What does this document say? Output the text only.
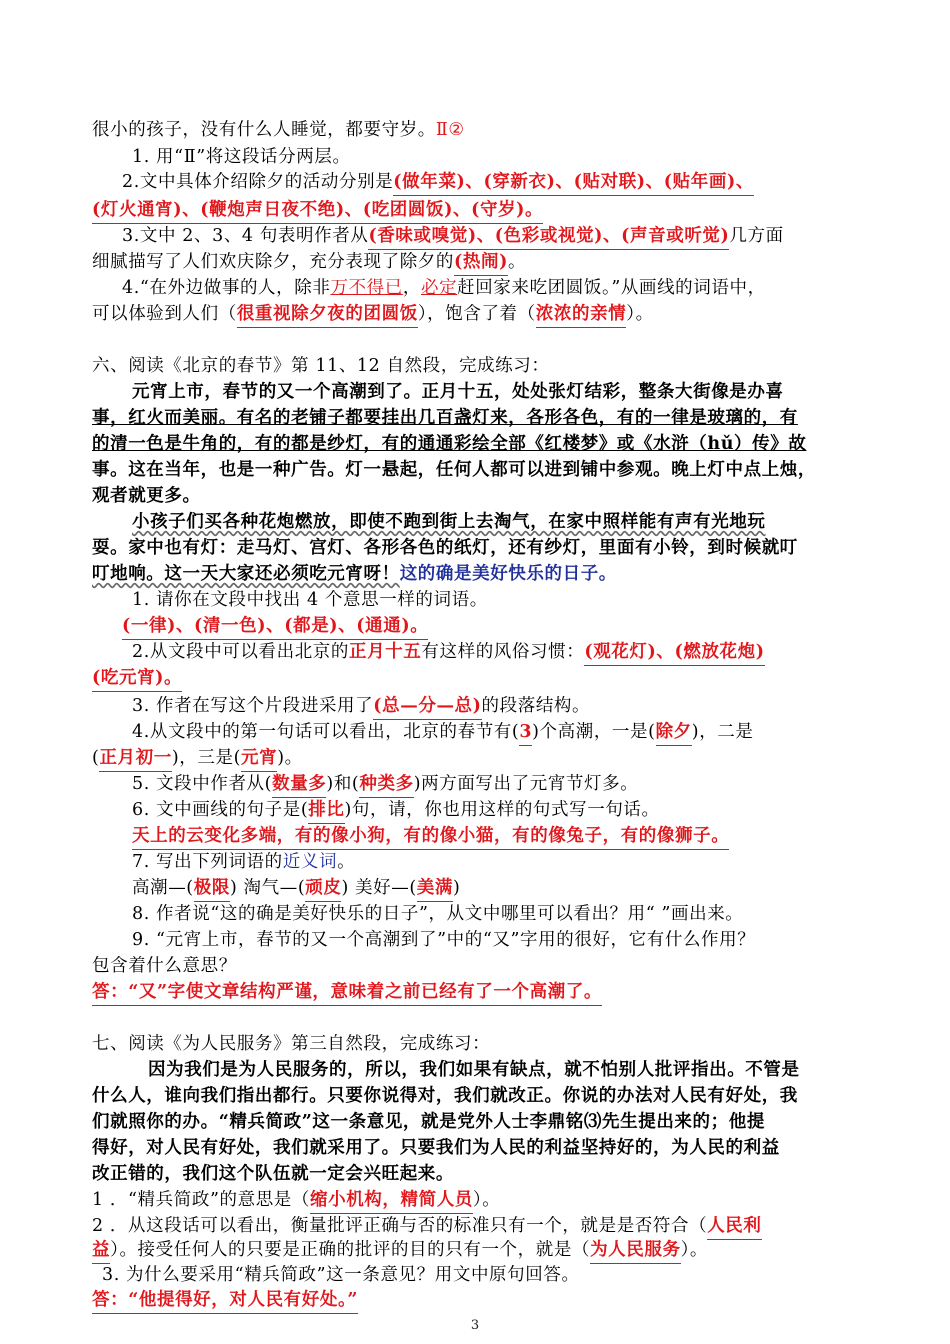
很小的孩子，没有什么人睡觉，都要守岁。Ⅱ②
1. 用“Ⅱ”将这段话分两层。
2.文中具体介绍除夕的活动分别是(做年菜)、(穿新衣)、(贴对联)、(贴年画)、
(灯火通宵)、(鞭炮声日夜不绝)、(吃团圆饭)、(守岁)。
3.文中 2、3、4 句表明作者从(香味或嗅觉)、(色彩或视觉)、(声音或听觉)几方面
细腻描写了人们欢庆除夕，充分表现了除夕的(热闹)。
4.“在外边做事的人，除非万不得已，必定赶回家来吃团圆饭。”从画线的词语中，
可以体验到人们（很重视除夕夜的团圆饭），饱含了着（浓浓的亲情）。
六、阅读《北京的春节》第 11、12 自然段，完成练习：
元宵上市，春节的又一个高潮到了。正月十五，处处张灯结彩，整条大街像是办喜
事，红火而美丽。有名的老铺子都要挂出几百盏灯来，各形各色，有的一律是玻璃的，有
的清一色是牛角的，有的都是纱灯，有的通通彩绘全部《红楼梦》或《水浒（hǔ）传》故
事。这在当年，也是一种广告。灯一悬起，任何人都可以进到铺中参观。晚上灯中点上烛，
观者就更多。
小孩子们买各种花炮燃放，即使不跑到街上去淘气，在家中照样能有声有光地玩
耍。家中也有灯：走马灯、宫灯、各形各色的纸灯，还有纱灯，里面有小铃，到时候就叮
叮地响。这一天大家还必须吃元宵呀！这的确是美好快乐的日子。
1. 请你在文段中找出 4 个意思一样的词语。
(一律)、(清一色)、(都是)、(通通)。
2.从文段中可以看出北京的正月十五有这样的风俗习惯：(观花灯)、(燃放花炮)
(吃元宵)。
3. 作者在写这个片段进采用了(总—分—总)的段落结构。
4.从文段中的第一句话可以看出，北京的春节有(3)个高潮，一是(除夕)，二是
(正月初一)，三是(元宵)。
5. 文段中作者从(数量多)和(种类多)两方面写出了元宵节灯多。
6. 文中画线的句子是(排比)句，请，你也用这样的句式写一句话。
天上的云变化多端，有的像小狗，有的像小猫，有的像兔子，有的像狮子。
7. 写出下列词语的近义词。
高潮—(极限) 淘气—(顽皮) 美好—(美满)
8. 作者说“这的确是美好快乐的日子”，从文中哪里可以看出？用“ ”画出来。
9. “元宵上市，春节的又一个高潮到了”中的“又”字用的很好，它有什么作用？
包含着什么意思？
答：“又”字使文章结构严谨，意味着之前已经有了一个高潮了。
七、阅读《为人民服务》第三自然段，完成练习：
因为我们是为人民服务的，所以，我们如果有缺点，就不怕别人批评指出。不管是
什么人，谁向我们指出都行。只要你说得对，我们就改正。你说的办法对人民有好处，我
们就照你的办。“精兵简政”这一条意见，就是党外人士李鼎铭⑶先生提出来的；他提
得好，对人民有好处，我们就采用了。只要我们为人民的利益坚持好的，为人民的利益
改正错的，我们这个队伍就一定会兴旺起来。
1 ．“精兵简政”的意思是（缩小机构，精简人员）。
2 ．从这段话可以看出，衡量批评正确与否的标准只有一个，就是是否符合（人民利
益）。接受任何人的只要是正确的批评的目的只有一个，就是（为人民服务）。
3. 为什么要采用“精兵简政”这一条意见？用文中原句回答。
答：“他提得好，对人民有好处。”
3
